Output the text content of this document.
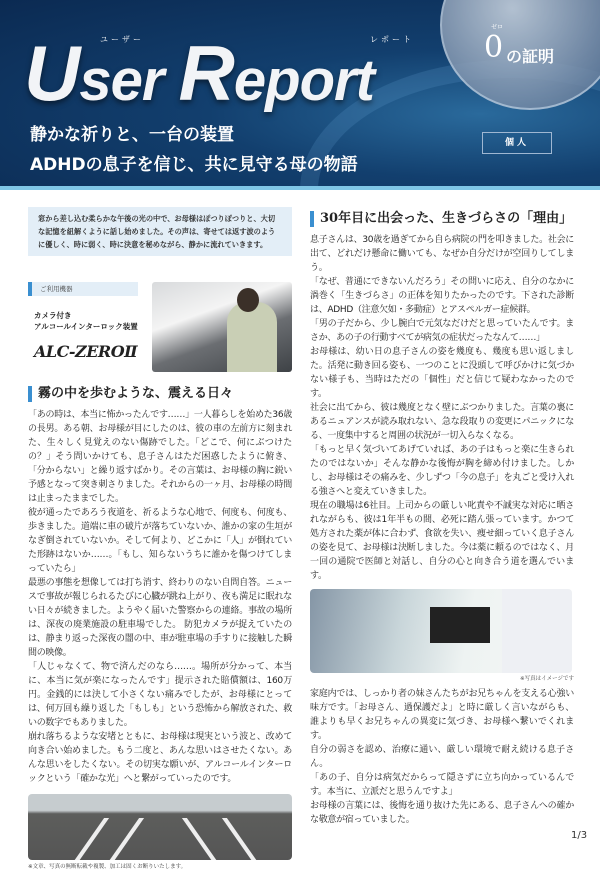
User Report
ユーザー	レポート
ゼロ
0 の証明
個人
静かな祈りと、一台の装置
ADHDの息子を信じ、共に見守る母の物語
窓から差し込む柔らかな午後の光の中で、お母様はぽつりぽつりと、大切な記憶を紐解くように話し始めました。その声は、寄せては返す波のように優しく、時に弱く、時に決意を秘めながら、静かに流れていきます。
ご利用機器
カメラ付き
アルコールインターロック装置
ALC-ZEROⅡ
霧の中を歩むような、震える日々

「あの時は、本当に怖かったんです……」一人暮らしを始めた36歳の長男。ある朝、お母様が目にしたのは、彼の車の左前方に刻まれた、生々しく見覚えのない傷跡でした。「どこで、何にぶつけたの？」そう問いかけても、息子さんはただ困惑したように俯き、「分からない」と繰り返すばかり。その言葉は、お母様の胸に鋭い予感となって突き刺さりました。それからの一ヶ月、お母様の時間は止まったままでした。

彼が通ったであろう夜道を、祈るような心地で、何度も、何度も、歩きました。道端に車の破片が落ちていないか、誰かの家の生垣がなぎ倒されていないか。そして何より、どこかに「人」が倒れていた形跡はないか……。「もし、知らないうちに誰かを傷つけてしまっていたら」

最悪の事態を想像しては打ち消す、終わりのない自問自答。ニュースで事故が報じられるたびに心臓が跳ね上がり、夜も満足に眠れない日々が続きました。ようやく届いた警察からの連絡。事故の場所は、深夜の廃業施設の駐車場でした。 防犯カメラが捉えていたのは、静まり返った深夜の闇の中、車が駐車場の手すりに接触した瞬間の映像。

「人じゃなくて、物で済んだのなら……。場所が分かって、本当に、本当に気が楽になったんです」提示された賠償額は、160万円。金銭的には決して小さくない痛みでしたが、お母様にとっては、何万回も繰り返した「もしも」という恐怖から解放された、救いの数字でもありました。

崩れ落ちるような安堵とともに、お母様は現実という波と、改めて向き合い始めました。もう二度と、あんな思いはさせたくない。あんな思いをしたくない。その切実な願いが、アルコールインターロックという「確かな光」へと繋がっていったのです。

※文章、写真の無断転載や複製、加工は固くお断りいたします。
30年目に出会った、生きづらさの「理由」

息子さんは、30歳を過ぎてから自ら病院の門を叩きました。社会に出て、どれだけ懸命に働いても、なぜか自分だけが空回りしてしまう。

「なぜ、普通にできないんだろう」その問いに応え、自分のなかに渦巻く「生きづらさ」の正体を知りたかったのです。下された診断は、ADHD（注意欠如・多動症）とアスペルガー症候群。

「男の子だから、少し腕白で元気なだけだと思っていたんです。まさか、あの子の行動すべてが病気の症状だったなんて……」

お母様は、幼い日の息子さんの姿を幾度も、幾度も思い返しました。活発に動き回る姿も、一つのことに没頭して呼びかけに気づかない様子も、当時はただの「個性」だと信じて疑わなかったのです。

社会に出てから、彼は幾度となく壁にぶつかりました。言葉の裏にあるニュアンスが読み取れない、急な段取りの変更にパニックになる、一度集中すると周囲の状況が一切入らなくなる。

「もっと早く気づいてあげていれば、あの子はもっと楽に生きられたのではないか」そんな静かな後悔が胸を締め付けました。しかし、お母様はその痛みを、少しずつ「今の息子」を丸ごと受け入れる強さへと変えていきました。

現在の職場は6社目。上司からの厳しい叱責や不誠実な対応に晒されながらも、彼は1年半もの間、必死に踏ん張っています。かつて処方された薬が体に合わず、食欲を失い、痩せ細っていく息子さんの姿を見て、お母様は決断しました。今は薬に頼るのではなく、月一回の通院で医師と対話し、自分の心と向き合う道を選んでいます。

※写真はイメージです

家庭内では、しっかり者の妹さんたちがお兄ちゃんを支える心強い味方です。「お母さん、過保護だよ」と時に厳しく言いながらも、誰よりも早くお兄ちゃんの異変に気づき、お母様へ繋いでくれます。

自分の弱さを認め、治療に通い、厳しい環境で耐え続ける息子さん。

「あの子、自分は病気だからって隠さずに立ち向かっているんです。本当に、立派だと思うんですよ」

お母様の言葉には、後悔を通り抜けた先にある、息子さんへの確かな敬意が宿っていました。

1/3
